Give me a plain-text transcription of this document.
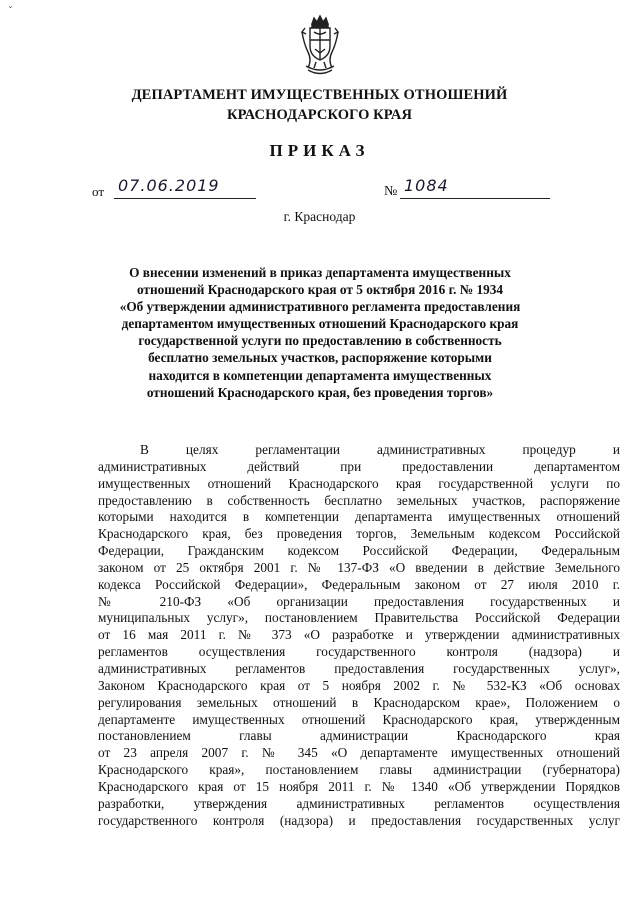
ˇ
ДЕПАРТАМЕНТ ИМУЩЕСТВЕННЫХ ОТНОШЕНИЙ
КРАСНОДАРСКОГО КРАЯ
ПРИКАЗ
от 07.06.2019	№ 1084
г. Краснодар
О внесении изменений в приказ департамента имущественных
отношений Краснодарского края от 5 октября 2016 г. № 1934
«Об утверждении административного регламента предоставления
департаментом имущественных отношений Краснодарского края
государственной услуги по предоставлению в собственность
бесплатно земельных участков, распоряжение которыми
находится в компетенции департамента имущественных
отношений Краснодарского края, без проведения торгов»
В целях регламентации административных процедур и
административных действий при предоставлении департаментом
имущественных отношений Краснодарского края государственной услуги по
предоставлению в собственность бесплатно земельных участков, распоряжение
которыми находится в компетенции департамента имущественных отношений
Краснодарского края, без проведения торгов, Земельным кодексом Российской
Федерации, Гражданским кодексом Российской Федерации, Федеральным
законом от 25 октября 2001 г. № 137-ФЗ «О введении в действие Земельного
кодекса Российской Федерации», Федеральным законом от 27 июля 2010 г.
№ 210-ФЗ «Об организации предоставления государственных и
муниципальных услуг», постановлением Правительства Российской Федерации
от 16 мая 2011 г. № 373 «О разработке и утверждении административных
регламентов осуществления государственного контроля (надзора) и
административных регламентов предоставления государственных услуг»,
Законом Краснодарского края от 5 ноября 2002 г. № 532-КЗ «Об основах
регулирования земельных отношений в Краснодарском крае», Положением о
департаменте имущественных отношений Краснодарского края, утвержденным
постановлением главы администрации Краснодарского края
от 23 апреля 2007 г. № 345 «О департаменте имущественных отношений
Краснодарского края», постановлением главы администрации (губернатора)
Краснодарского края от 15 ноября 2011 г. № 1340 «Об утверждении Порядков
разработки, утверждения административных регламентов осуществления
государственного контроля (надзора) и предоставления государственных услуг
